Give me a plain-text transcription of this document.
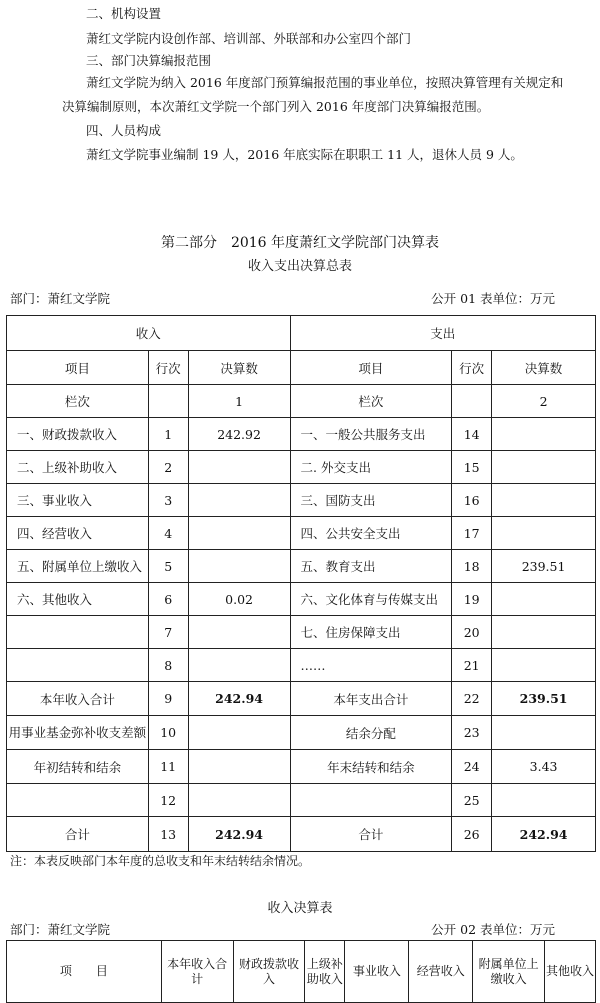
二、机构设置
萧红文学院内设创作部、培训部、外联部和办公室四个部门
三、部门决算编报范围
萧红文学院为纳入 2016 年度部门预算编报范围的事业单位，按照决算管理有关规定和
决算编制原则，本次萧红文学院一个部门列入 2016 年度部门决算编报范围。
四、人员构成
萧红文学院事业编制 19 人，2016 年底实际在职职工 11 人，退休人员 9 人。
第二部分　2016 年度萧红文学院部门决算表
收入支出决算总表
部门：萧红文学院	公开 01 表单位：万元
收入			支出		
项目	行次	决算数	项目	行次	决算数
栏次		1	栏次		2
一、财政拨款收入	1	242.92	一、一般公共服务支出	14	
二、上级补助收入	2		二. 外交支出	15	
三、事业收入	3		三、国防支出	16	
四、经营收入	4		四、公共安全支出	17	
五、附属单位上缴收入	5		五、教育支出	18	239.51
六、其他收入	6	0.02	六、文化体育与传媒支出	19	
	7		七、住房保障支出	20	
	8		……	21	
本年收入合计	9	242.94	本年支出合计	22	239.51
用事业基金弥补收支差额	10		结余分配	23	
年初结转和结余	11		年末结转和结余	24	3.43
	12			25	
合计	13	242.94	合计	26	242.94
注：本表反映部门本年度的总收支和年末结转结余情况。
收入决算表
部门：萧红文学院	公开 02 表单位：万元
项　　目	本年收入合计	财政拨款收入	上级补助收入	事业收入	经营收入	附属单位上缴收入	其他收入
